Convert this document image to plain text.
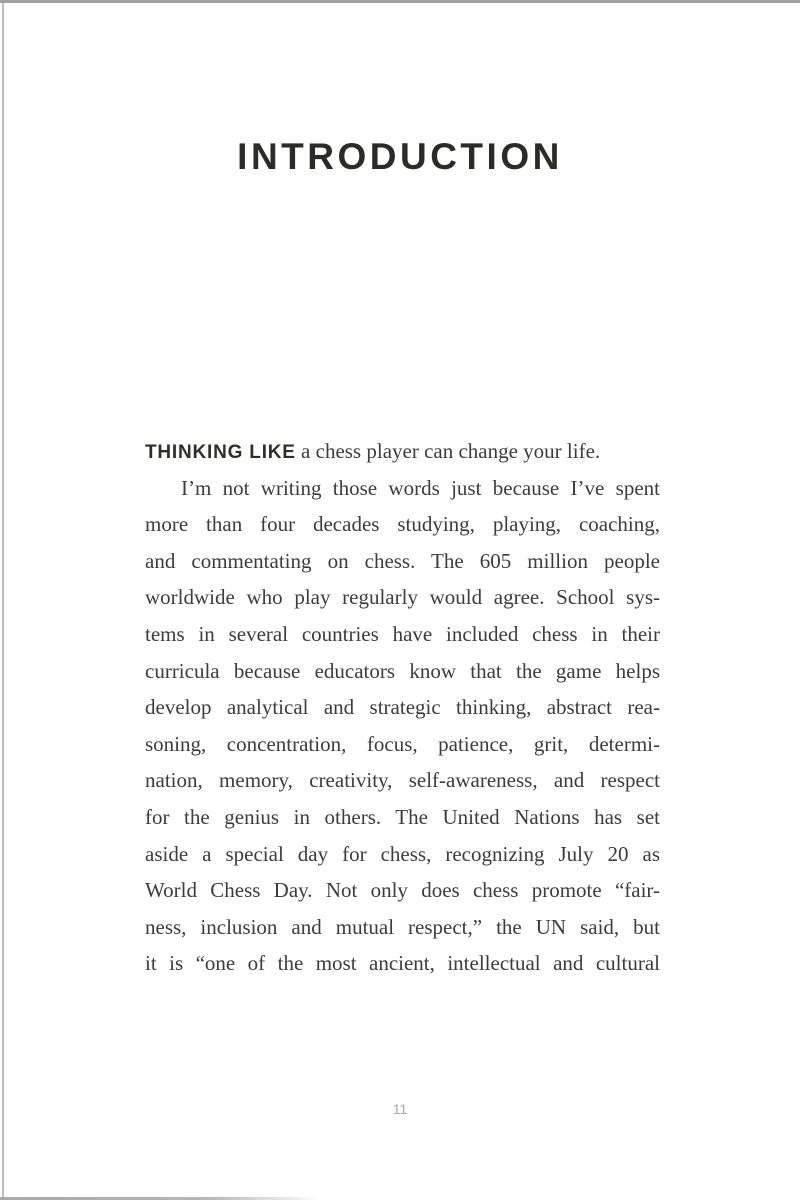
INTRODUCTION
THINKING LIKE a chess player can change your life.
I’m not writing those words just because I’ve spent
more than four decades studying, playing, coaching,
and commentating on chess. The 605 million people
worldwide who play regularly would agree. School sys-
tems in several countries have included chess in their
curricula because educators know that the game helps
develop analytical and strategic thinking, abstract rea-
soning, concentration, focus, patience, grit, determi-
nation, memory, creativity, self-awareness, and respect
for the genius in others. The United Nations has set
aside a special day for chess, recognizing July 20 as
World Chess Day. Not only does chess promote “fair-
ness, inclusion and mutual respect,” the UN said, but
it is “one of the most ancient, intellectual and cultural
11
